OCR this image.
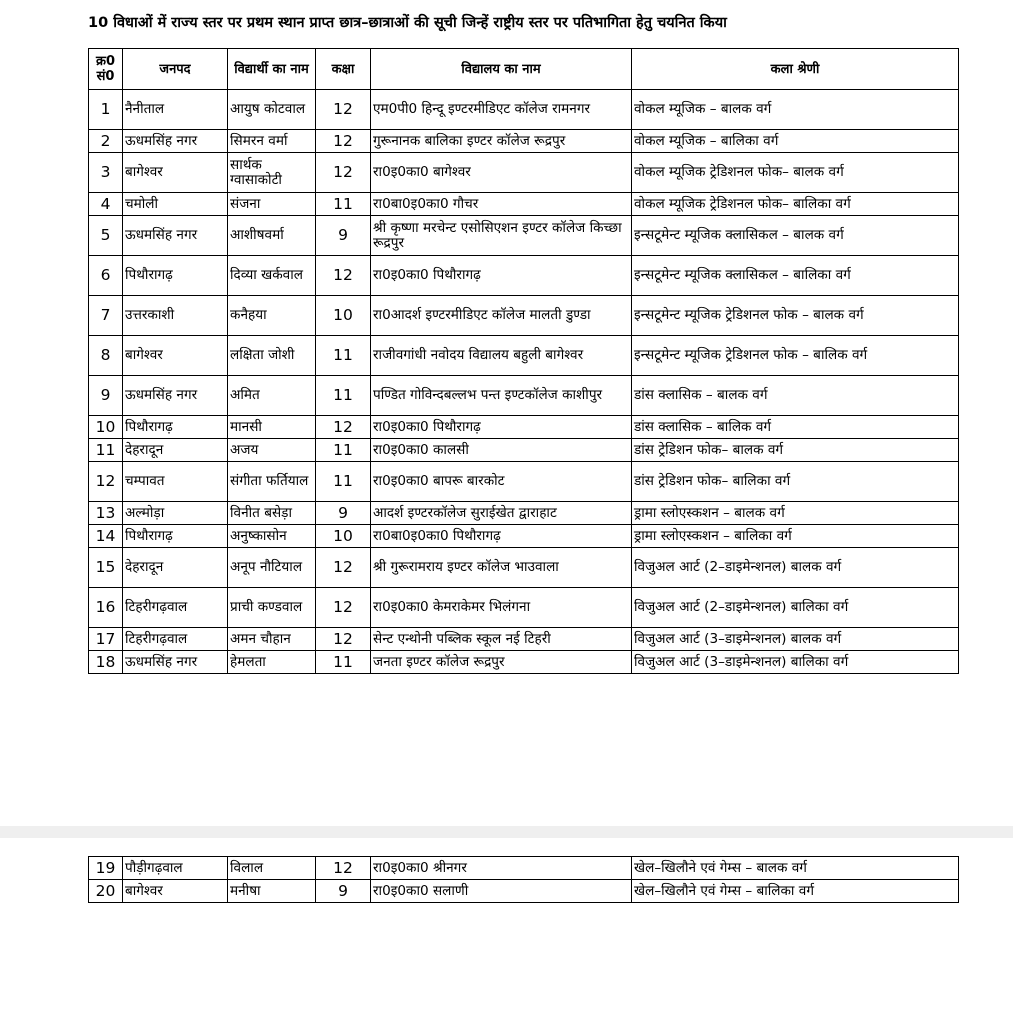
10 विधाओं में राज्य स्तर पर प्रथम स्थान प्राप्त छात्र–छात्राओं की सूची जिन्हें राष्ट्रीय स्तर पर पतिभागिता हेतु चयनित किया
क्र0 सं0	जनपद	विद्यार्थी का नाम	कक्षा	विद्यालय का नाम	कला श्रेणी
1	नैनीताल	आयुष कोटवाल	12	एम0पी0 हिन्दू इण्टरमीडिएट कॉलेज रामनगर	वोकल म्यूजिक – बालक वर्ग
2	ऊधमसिंह नगर	सिमरन वर्मा	12	गुरूनानक बालिका इण्टर कॉलेज रूद्रपुर	वोकल म्यूजिक – बालिका वर्ग
3	बागेश्वर	सार्थक ग्वासाकोटी	12	रा0इ0का0 बागेश्वर	वोकल म्यूजिक ट्रेडिशनल फोक– बालक वर्ग
4	चमोली	संजना	11	रा0बा0इ0का0 गौचर	वोकल म्यूजिक ट्रेडिशनल फोक– बालिका वर्ग
5	ऊधमसिंह नगर	आशीषवर्मा	9	श्री कृष्णा मरचेन्ट एसोसिएशन इण्टर कॉलेज किच्छा रूद्रपुर	इन्सटूमेन्ट म्यूजिक क्लासिकल – बालक वर्ग
6	पिथौरागढ़	दिव्या खर्कवाल	12	रा0इ0का0 पिथौरागढ़	इन्सटूमेन्ट म्यूजिक क्लासिकल – बालिका वर्ग
7	उत्तरकाशी	कनैहया	10	रा0आदर्श इण्टरमीडिएट कॉलेज मालती डुण्डा	इन्सटूमेन्ट म्यूजिक ट्रेडिशनल फोक – बालक वर्ग
8	बागेश्वर	लक्षिता जोशी	11	राजीवगांधी नवोदय विद्यालय बहुली बागेश्वर	इन्सटूमेन्ट म्यूजिक ट्रेडिशनल फोक – बालिक वर्ग
9	ऊधमसिंह नगर	अमित	11	पण्डित गोविन्दबल्लभ पन्त इण्टकॉलेज काशीपुर	डांस क्लासिक – बालक वर्ग
10	पिथौरागढ़	मानसी	12	रा0इ0का0 पिथौरागढ़	डांस क्लासिक – बालिक वर्ग
11	देहरादून	अजय	11	रा0इ0का0 कालसी	डांस ट्रेडिशन फोक– बालक वर्ग
12	चम्पावत	संगीता फर्तियाल	11	रा0इ0का0 बापरू बारकोट	डांस ट्रेडिशन फोक– बालिका वर्ग
13	अल्मोड़ा	विनीत बसेड़ा	9	आदर्श इण्टरकॉलेज सुराईखेत द्वाराहाट	ड्रामा स्लोएस्कशन – बालक वर्ग
14	पिथौरागढ़	अनुष्कासोन	10	रा0बा0इ0का0 पिथौरागढ़	ड्रामा स्लोएस्कशन – बालिका वर्ग
15	देहरादून	अनूप नौटियाल	12	श्री गुरूरामराय इण्टर कॉलेज भाउवाला	विजुअल आर्ट (2–डाइमेन्शनल) बालक वर्ग
16	टिहरीगढ़वाल	प्राची कण्डवाल	12	रा0इ0का0 केमराकेमर भिलंगना	विजुअल आर्ट (2–डाइमेन्शनल) बालिका वर्ग
17	टिहरीगढ़वाल	अमन चौहान	12	सेन्ट एन्थोनी पब्लिक स्कूल नई टिहरी	विजुअल आर्ट (3–डाइमेन्शनल) बालक वर्ग
18	ऊधमसिंह नगर	हेमलता	11	जनता इण्टर कॉलेज रूद्रपुर	विजुअल आर्ट (3–डाइमेन्शनल) बालिका वर्ग
19	पौड़ीगढ़वाल	विलाल	12	रा0इ0का0 श्रीनगर	खेल–खिलौने एवं गेम्स – बालक वर्ग
20	बागेश्वर	मनीषा	9	रा0इ0का0 सलाणी	खेल–खिलौने एवं गेम्स – बालिका वर्ग
